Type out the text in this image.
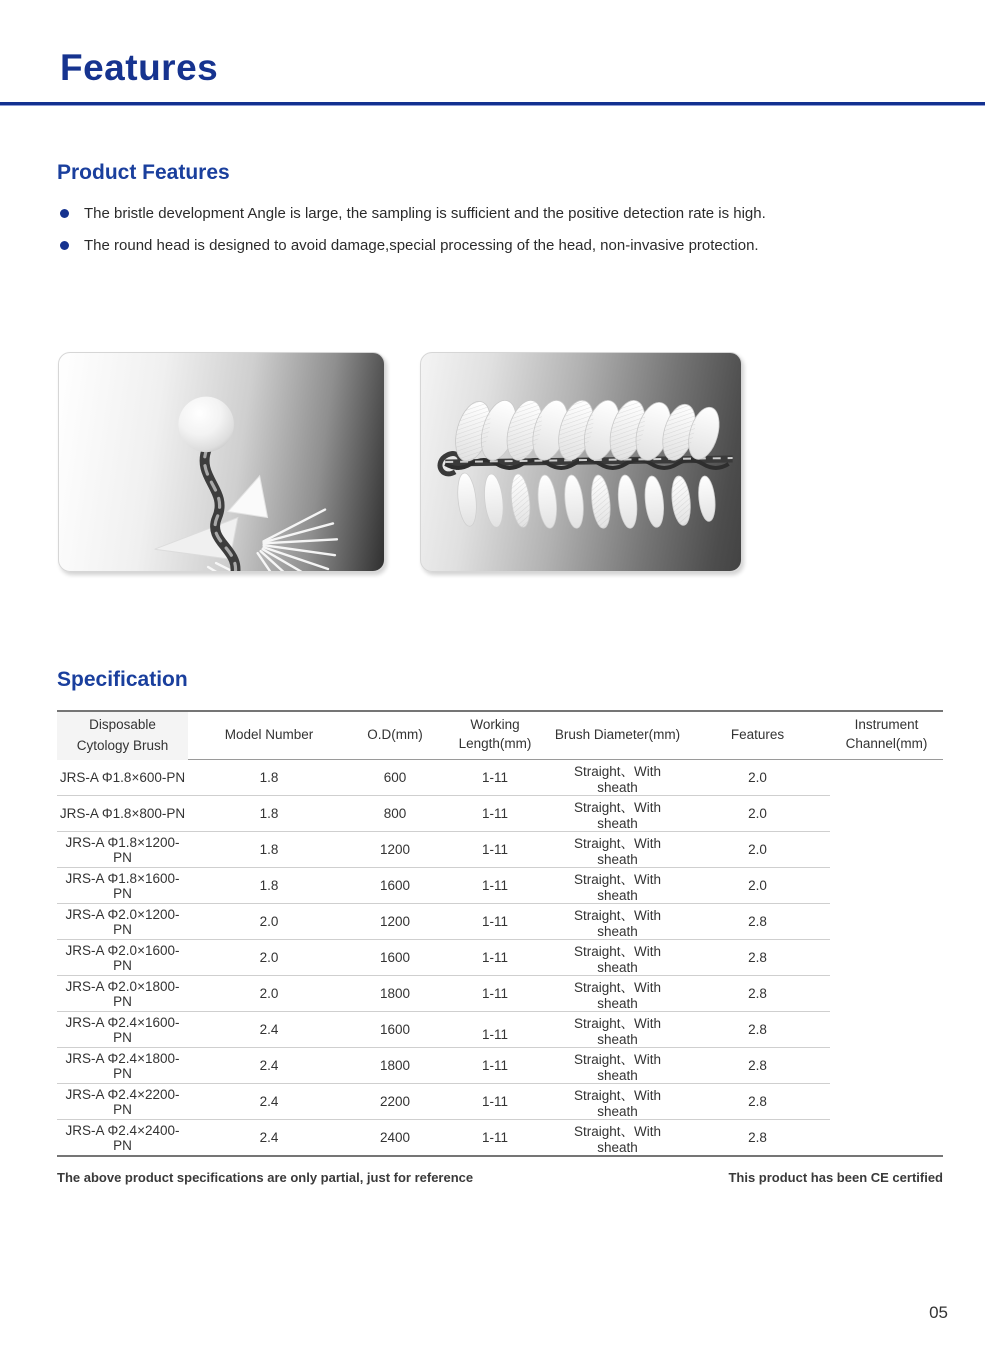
Features
Product Features
The bristle development Angle is large, the sampling is sufficient and the positive detection rate is high.
The round head is designed to avoid damage,special processing of the head, non-invasive protection.
Specification
Disposable Cytology Brush	Model Number	O.D(mm)	Working Length(mm)	Brush Diameter(mm)	Features	Instrument Channel(mm)
JRS-A Φ1.8×600-PN	1.8	600	1-11	Straight、With sheath	2.0	
JRS-A Φ1.8×800-PN	1.8	800	1-11	Straight、With sheath	2.0	
JRS-A Φ1.8×1200-PN	1.8	1200	1-11	Straight、With sheath	2.0	
JRS-A Φ1.8×1600-PN	1.8	1600	1-11	Straight、With sheath	2.0	
JRS-A Φ2.0×1200-PN	2.0	1200	1-11	Straight、With sheath	2.8	
JRS-A Φ2.0×1600-PN	2.0	1600	1-11	Straight、With sheath	2.8	
JRS-A Φ2.0×1800-PN	2.0	1800	1-11	Straight、With sheath	2.8	
JRS-A Φ2.4×1600-PN	2.4	1600	1-11	Straight、With sheath	2.8	
JRS-A Φ2.4×1800-PN	2.4	1800	1-11	Straight、With sheath	2.8	
JRS-A Φ2.4×2200-PN	2.4	2200	1-11	Straight、With sheath	2.8	
JRS-A Φ2.4×2400-PN	2.4	2400	1-11	Straight、With sheath	2.8	
The above product specifications are only partial, just for reference	This product has been CE certified
05
